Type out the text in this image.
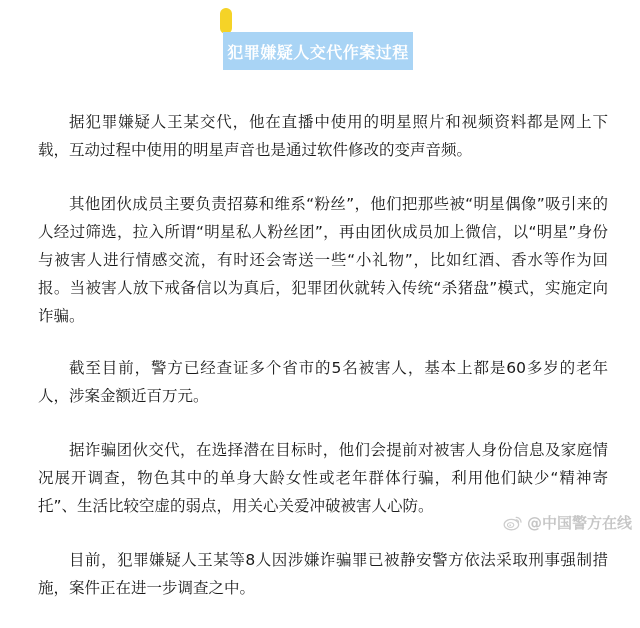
犯罪嫌疑人交代作案过程

据犯罪嫌疑人王某交代，他在直播中使用的明星照片和视频资料都是网上下载，互动过程中使用的明星声音也是通过软件修改的变声音频。

其他团伙成员主要负责招募和维系“粉丝”，他们把那些被“明星偶像”吸引来的人经过筛选，拉入所谓“明星私人粉丝团”，再由团伙成员加上微信，以“明星”身份与被害人进行情感交流，有时还会寄送一些“小礼物”，比如红酒、香水等作为回报。当被害人放下戒备信以为真后，犯罪团伙就转入传统“杀猪盘”模式，实施定向诈骗。

截至目前，警方已经查证多个省市的5名被害人，基本上都是60多岁的老年人，涉案金额近百万元。

据诈骗团伙交代，在选择潜在目标时，他们会提前对被害人身份信息及家庭情况展开调查，物色其中的单身大龄女性或老年群体行骗，利用他们缺少“精神寄托”、生活比较空虚的弱点，用关心关爱冲破被害人心防。

目前，犯罪嫌疑人王某等8人因涉嫌诈骗罪已被静安警方依法采取刑事强制措施，案件正在进一步调查之中。

@中国警方在线
